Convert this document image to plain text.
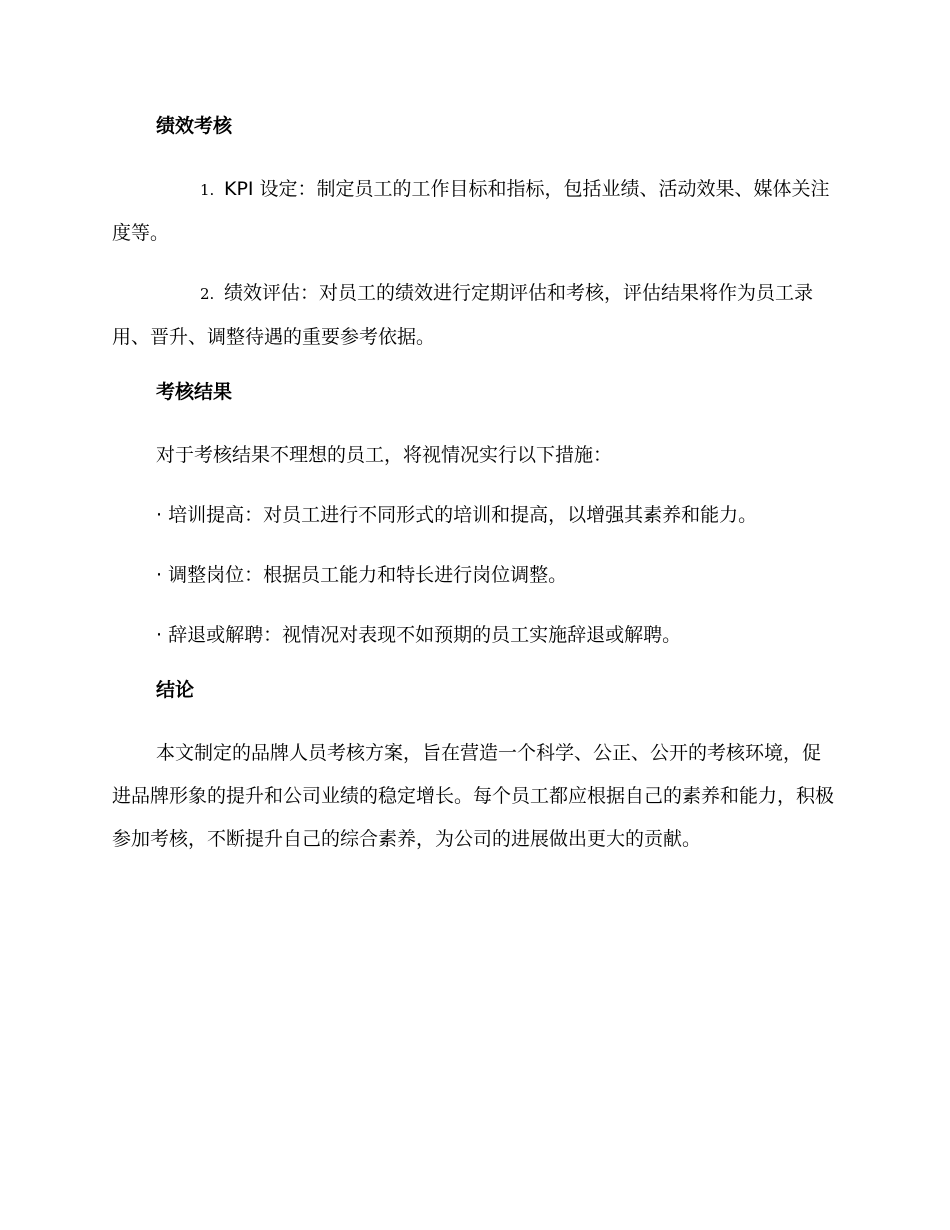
绩效考核

1. KPI 设定：制定员工的工作目标和指标，包括业绩、活动效果、媒体关注度等。

2. 绩效评估：对员工的绩效进行定期评估和考核，评估结果将作为员工录用、晋升、调整待遇的重要参考依据。

考核结果

对于考核结果不理想的员工，将视情况实行以下措施：

· 培训提高：对员工进行不同形式的培训和提高，以增强其素养和能力。

· 调整岗位：根据员工能力和特长进行岗位调整。

· 辞退或解聘：视情况对表现不如预期的员工实施辞退或解聘。

结论

本文制定的品牌人员考核方案，旨在营造一个科学、公正、公开的考核环境，促进品牌形象的提升和公司业绩的稳定增长。每个员工都应根据自己的素养和能力，积极参加考核，不断提升自己的综合素养，为公司的进展做出更大的贡献。
